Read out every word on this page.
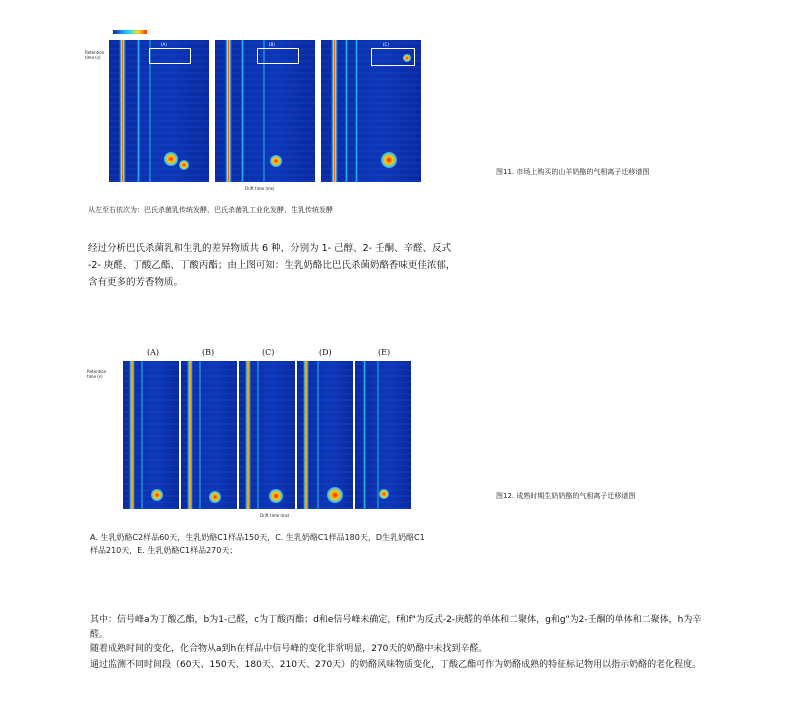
Retention time (s)
(A)	(B)	(C)
Drift time (ms)
图11. 市场上购买的山羊奶酪的气相离子迁移谱图
从左至右依次为：巴氏杀菌乳传统发酵、巴氏杀菌乳工业化发酵、生乳传统发酵
经过分析巴氏杀菌乳和生乳的差异物质共 6 种，分别为 1- 己醇、2- 壬酮、辛醛、反式 -2- 庚醛、丁酸乙酯、丁酸丙酯；由上图可知：生乳奶酪比巴氏杀菌奶酪香味更佳浓郁，含有更多的芳香物质。
(A)	(B)	(C)	(D)	(E)
Retention time (s)
Drift time (ms)
图12. 成熟时期生奶奶酪的气相离子迁移谱图
A. 生乳奶酪C2样品60天，生乳奶酪C1样品150天，C. 生乳奶酪C1样品180天，D生乳奶酪C1样品210天，E. 生乳奶酪C1样品270天；
其中：信号峰a为丁酸乙酯，b为1-己醛，c为丁酸丙酯；d和e信号峰未确定，f和f"为反式-2-庚醛的单体和二聚体，g和g"为2-壬酮的单体和二聚体，h为辛醛。
随着成熟时间的变化，化合物从a到h在样品中信号峰的变化非常明显，270天的奶酪中未找到辛醛。
通过监测不同时间段（60天、150天、180天、210天、270天）的奶酪风味物质变化，丁酸乙酯可作为奶酪成熟的特征标记物用以指示奶酪的老化程度。
